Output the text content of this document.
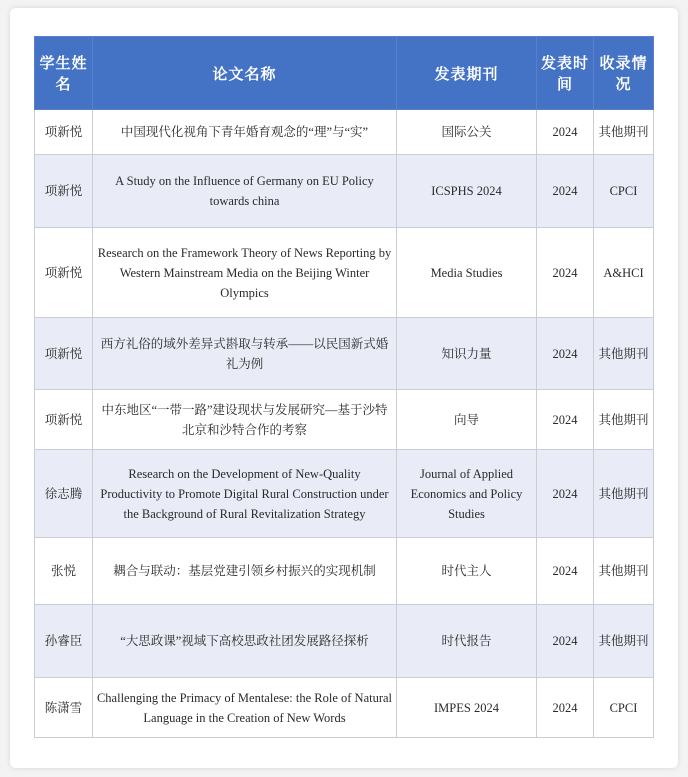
学生姓名	论文名称	发表期刊	发表时间	收录情况
项新悦	中国现代化视角下青年婚育观念的“理”与“实”	国际公关	2024	其他期刊
项新悦	A Study on the Influence of Germany on EU Policy towards china	ICSPHS 2024	2024	CPCI
项新悦	Research on the Framework Theory of News Reporting by Western Mainstream Media on the Beijing Winter Olympics	Media Studies	2024	A&HCI
项新悦	西方礼俗的域外差异式斟取与转承——以民国新式婚礼为例	知识力量	2024	其他期刊
项新悦	中东地区“一带一路”建设现状与发展研究—基于沙特北京和沙特合作的考察	向导	2024	其他期刊
徐志腾	Research on the Development of New-Quality Productivity to Promote Digital Rural Construction under the Background of Rural Revitalization Strategy	Journal of Applied Economics and Policy Studies	2024	其他期刊
张悦	耦合与联动：基层党建引领乡村振兴的实现机制	时代主人	2024	其他期刊
孙睿臣	“大思政课”视域下高校思政社团发展路径探析	时代报告	2024	其他期刊
陈潇雪	Challenging the Primacy of Mentalese: the Role of Natural Language in the Creation of New Words	IMPES 2024	2024	CPCI
